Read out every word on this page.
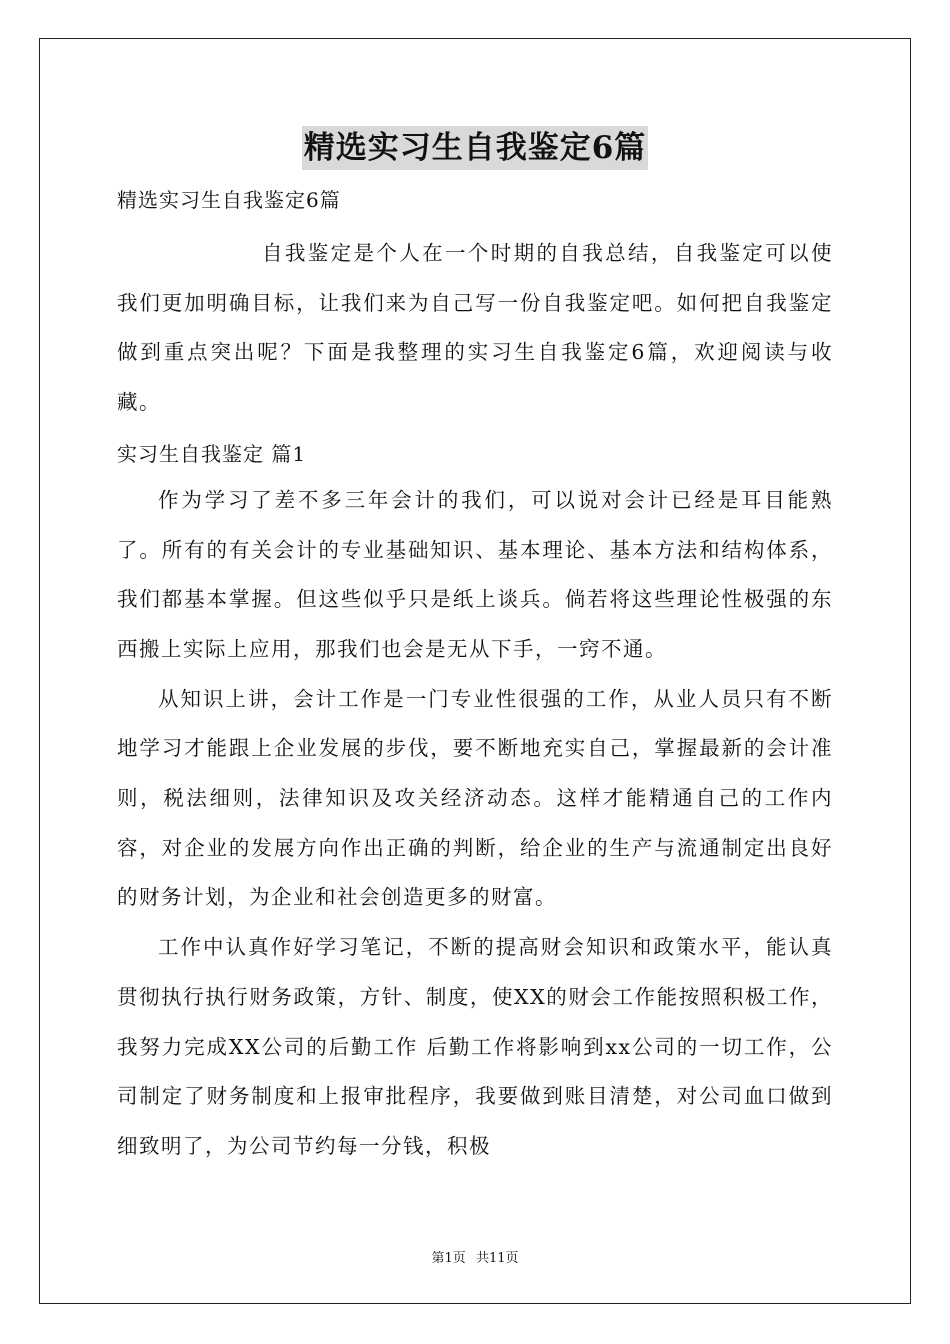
精选实习生自我鉴定6篇

精选实习生自我鉴定6篇

自我鉴定是个人在一个时期的自我总结，自我鉴定可以使我们更加明确目标，让我们来为自己写一份自我鉴定吧。如何把自我鉴定做到重点突出呢？下面是我整理的实习生自我鉴定6篇，欢迎阅读与收藏。

实习生自我鉴定 篇1

作为学习了差不多三年会计的我们，可以说对会计已经是耳目能熟了。所有的有关会计的专业基础知识、基本理论、基本方法和结构体系，我们都基本掌握。但这些似乎只是纸上谈兵。倘若将这些理论性极强的东西搬上实际上应用，那我们也会是无从下手，一窍不通。

从知识上讲，会计工作是一门专业性很强的工作，从业人员只有不断地学习才能跟上企业发展的步伐，要不断地充实自己，掌握最新的会计准则，税法细则，法律知识及攻关经济动态。这样才能精通自己的工作内容，对企业的发展方向作出正确的判断，给企业的生产与流通制定出良好的财务计划，为企业和社会创造更多的财富。

工作中认真作好学习笔记，不断的提高财会知识和政策水平，能认真贯彻执行执行财务政策，方针、制度，使XX的财会工作能按照积极工作，我努力完成XX公司的后勤工作 后勤工作将影响到xx公司的一切工作，公司制定了财务制度和上报审批程序，我要做到账目清楚，对公司血口做到细致明了，为公司节约每一分钱，积极

第1页 共11页
